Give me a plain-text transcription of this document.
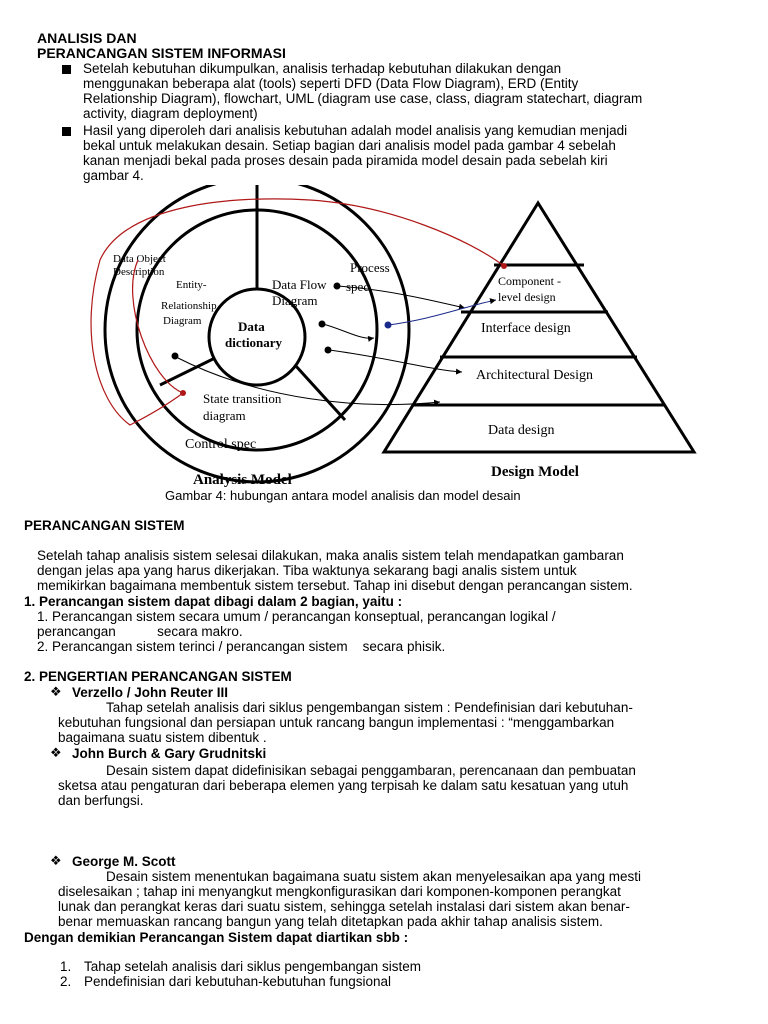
ANALISIS DAN
PERANCANGAN SISTEM INFORMASI
Setelah kebutuhan dikumpulkan, analisis terhadap kebutuhan dilakukan dengan
menggunakan beberapa alat (tools) seperti DFD (Data Flow Diagram), ERD (Entity
Relationship Diagram), flowchart, UML (diagram use case, class, diagram statechart, diagram
activity, diagram deployment)
Hasil yang diperoleh dari analisis kebutuhan adalah model analisis yang kemudian menjadi
bekal untuk melakukan desain. Setiap bagian dari analisis model pada gambar 4 sebelah
kanan menjadi bekal pada proses desain pada piramida model desain pada sebelah kiri
gambar 4.
Data Object
Description
Entity-
Relationship
Diagram
Data Flow
Diagram
Process
spec
Data
dictionary
State transition
diagram
Control spec
Analysis Model
Component -
level design
Interface design
Architectural Design
Data design
Design Model
Gambar 4: hubungan antara model analisis dan model desain
PERANCANGAN SISTEM
Setelah tahap analisis sistem selesai dilakukan, maka analis sistem telah mendapatkan gambaran
dengan jelas apa yang harus dikerjakan. Tiba waktunya sekarang bagi analis sistem untuk
memikirkan bagaimana membentuk sistem tersebut. Tahap ini disebut dengan perancangan sistem.
1. Perancangan sistem dapat dibagi dalam 2 bagian, yaitu :
1. Perancangan sistem secara umum / perancangan konseptual, perancangan logikal /
perancangan           secara makro.
2. Perancangan sistem terinci / perancangan sistem    secara phisik.
2. PENGERTIAN PERANCANGAN SISTEM
❖ Verzello / John Reuter III
Tahap setelah analisis dari siklus pengembangan sistem : Pendefinisian dari kebutuhan-
kebutuhan fungsional dan persiapan untuk rancang bangun implementasi : “menggambarkan
bagaimana suatu sistem dibentuk .
❖ John Burch & Gary Grudnitski
Desain sistem dapat didefinisikan sebagai penggambaran, perencanaan dan pembuatan
sketsa atau pengaturan dari beberapa elemen yang terpisah ke dalam satu kesatuan yang utuh
dan berfungsi.
❖ George M. Scott
Desain sistem menentukan bagaimana suatu sistem akan menyelesaikan apa yang mesti
diselesaikan ; tahap ini menyangkut mengkonfigurasikan dari komponen-komponen perangkat
lunak dan perangkat keras dari suatu sistem, sehingga setelah instalasi dari sistem akan benar-
benar memuaskan rancang bangun yang telah ditetapkan pada akhir tahap analisis sistem.
Dengan demikian Perancangan Sistem dapat diartikan sbb :
1. Tahap setelah analisis dari siklus pengembangan sistem
2. Pendefinisian dari kebutuhan-kebutuhan fungsional
